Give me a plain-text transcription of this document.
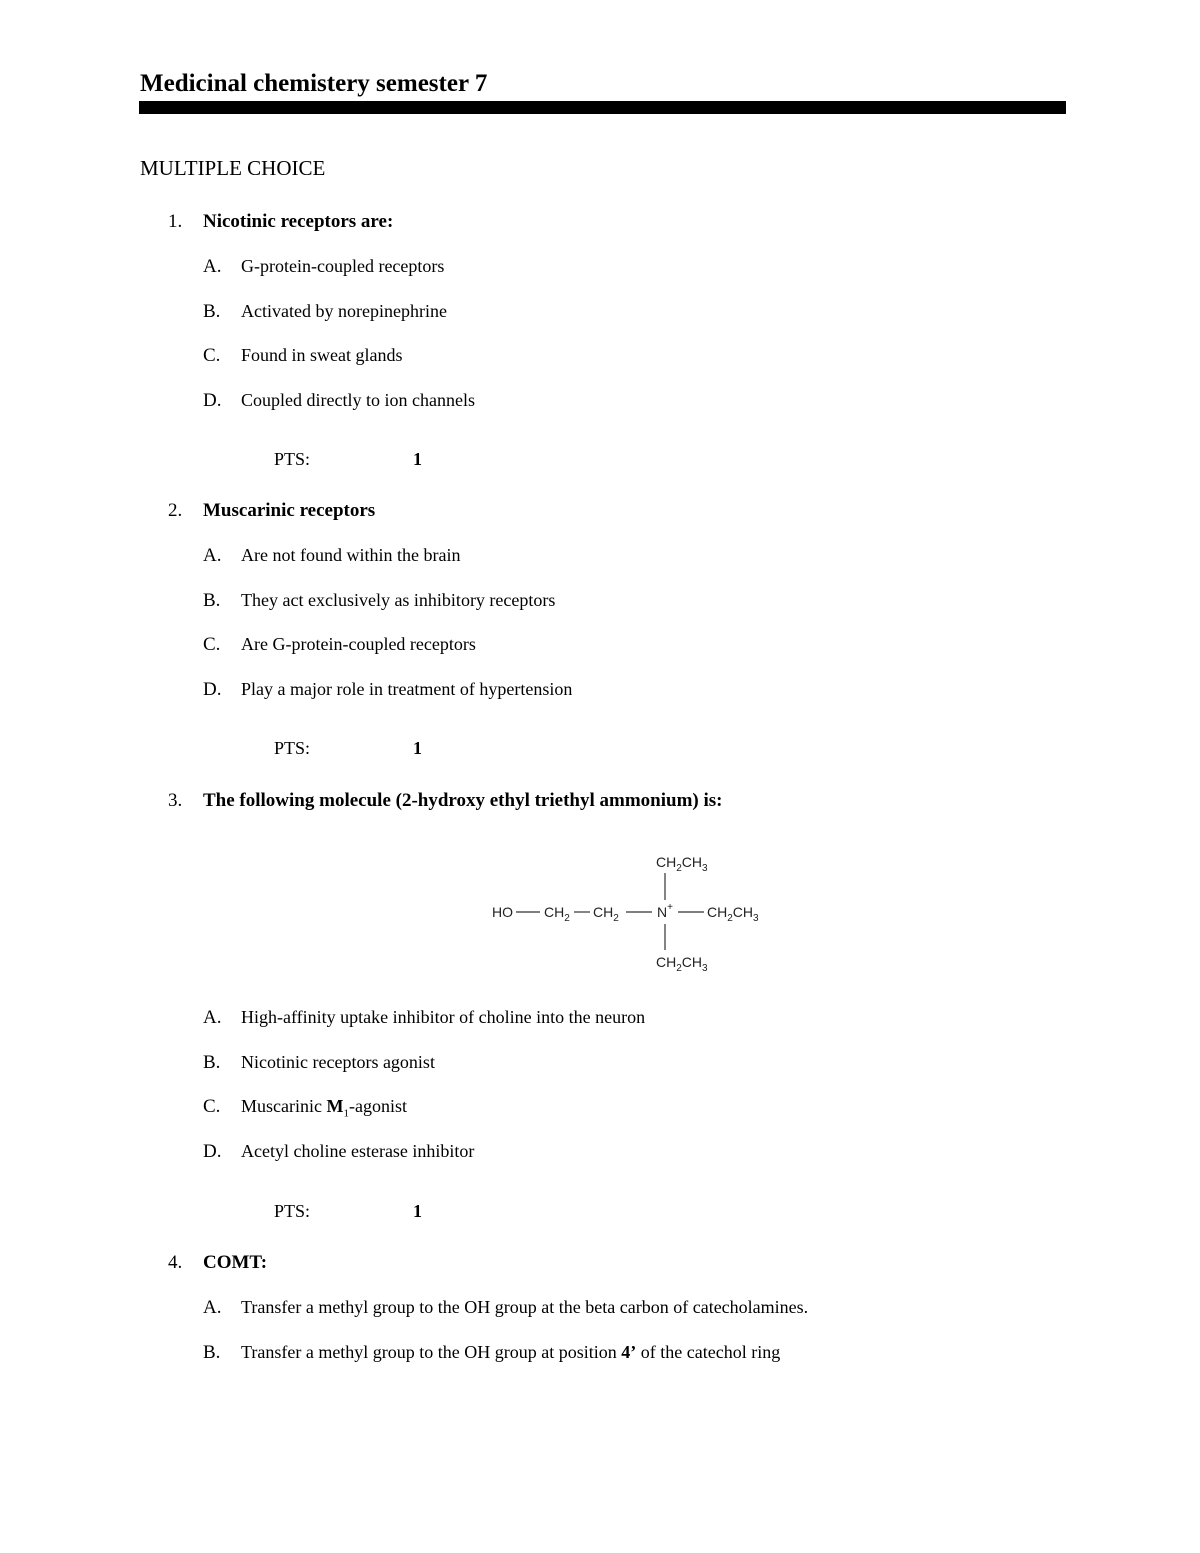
Medicinal chemistery semester 7
MULTIPLE CHOICE
1.	Nicotinic receptors are:
A. G-protein-coupled receptors
B. Activated by norepinephrine
C. Found in sweat glands
D. Coupled directly to ion channels
PTS:	1
2.	Muscarinic receptors
A. Are not found within the brain
B. They act exclusively as inhibitory receptors
C. Are G-protein-coupled receptors
D. Play a major role in treatment of hypertension
PTS:	1
3.	The following molecule (2-hydroxy ethyl triethyl ammonium) is:
$CH_2CH_3$
HO $CH_2$ $CH_2$	N+ $CH_2CH_3$
$CH_2CH_3$
A. High-affinity uptake inhibitor of choline into the neuron
B. Nicotinic receptors agonist
C. Muscarinic $M_1$-agonist
D. Acetyl choline esterase inhibitor
PTS:	1
4.	COMT:
A. Transfer a methyl group to the OH group at the beta carbon of catecholamines.
B. Transfer a methyl group to the OH group at position 4’ of the catechol ring
